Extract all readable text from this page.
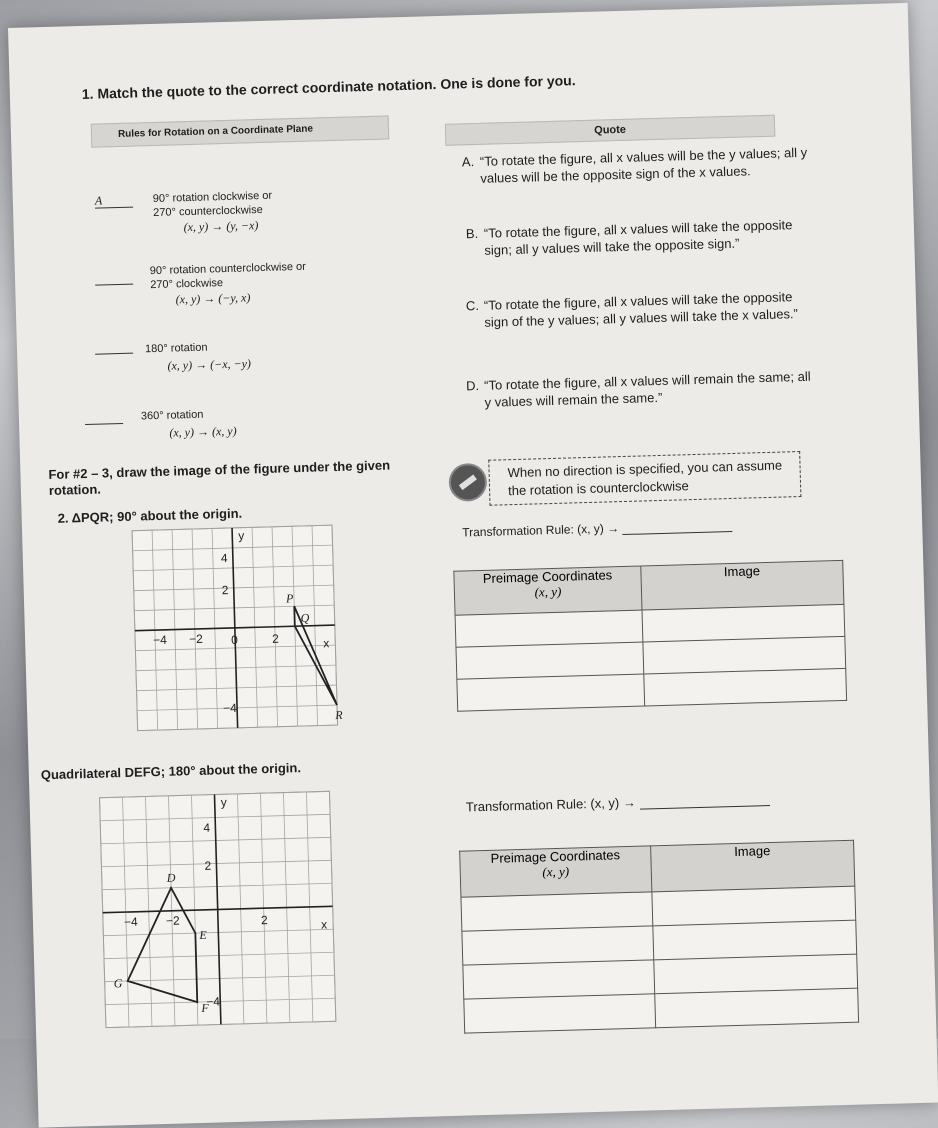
1. Match the quote to the correct coordinate notation. One is done for you.
Rules for Rotation on a Coordinate Plane
A	90° rotation clockwise or
270° counterclockwise
(x, y) → (y, −x)
90° rotation counterclockwise or
270° clockwise
(x, y) → (−y, x)
180° rotation
(x, y) → (−x, −y)
360° rotation
(x, y) → (x, y)
Quote
A. “To rotate the figure, all x values will be the y values; all y values will be the opposite sign of the x values.
B. “To rotate the figure, all x values will take the opposite sign; all y values will take the opposite sign.”
C. “To rotate the figure, all x values will take the opposite sign of the y values; all y values will take the x values.”
D. “To rotate the figure, all x values will remain the same; all y values will remain the same.”
For #2 – 3, draw the image of the figure under the given rotation.
When no direction is specified, you can assume the rotation is counterclockwise
2. ΔPQR; 90° about the origin.
Transformation Rule: (x, y) →
y
x
4
2
−4 −2 0	2
−4
P
Q
R
Preimage Coordinates
(x, y)	Image

Quadrilateral DEFG; 180° about the origin.
Transformation Rule: (x, y) →
y
x
4
2
−4 −2	2
−4
D
E
F
G
Preimage Coordinates
(x, y)	Image
